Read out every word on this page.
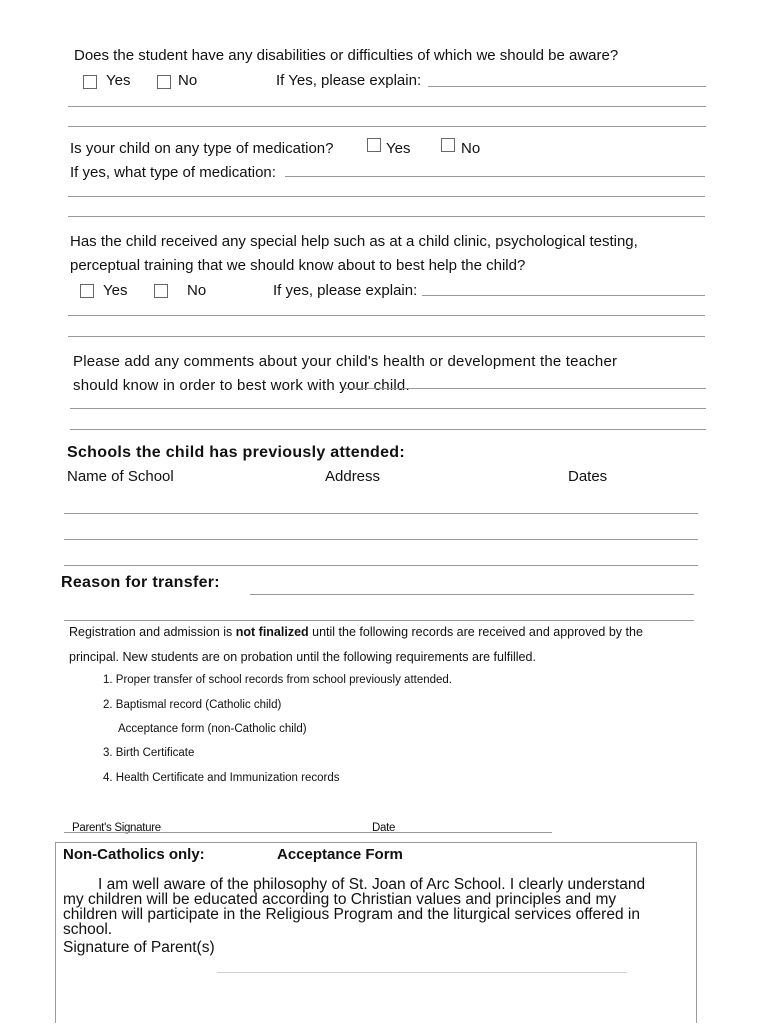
Does the student have any disabilities or difficulties of which we should be aware?
Yes	No	If Yes, please explain:
Is your child on any type of medication?	Yes	No
If yes, what type of medication:
Has the child received any special help such as at a child clinic, psychological testing,
perceptual training that we should know about to best help the child?
Yes	No	If yes, please explain:
Please add any comments about your child's health or development the teacher
should know in order to best work with your child.
Schools the child has previously attended:
Name of School	Address	Dates
Reason for transfer:
Registration and admission is not finalized until the following records are received and approved by the
principal. New students are on probation until the following requirements are fulfilled.
1. Proper transfer of school records from school previously attended.
2. Baptismal record (Catholic child)
Acceptance form (non-Catholic child)
3. Birth Certificate
4. Health Certificate and Immunization records
Parent's Signature	Date
Non-Catholics only:	Acceptance Form
I am well aware of the philosophy of St. Joan of Arc School. I clearly understand my children will be educated according to Christian values and principles and my children will participate in the Religious Program and the liturgical services offered in school.
Signature of Parent(s)
